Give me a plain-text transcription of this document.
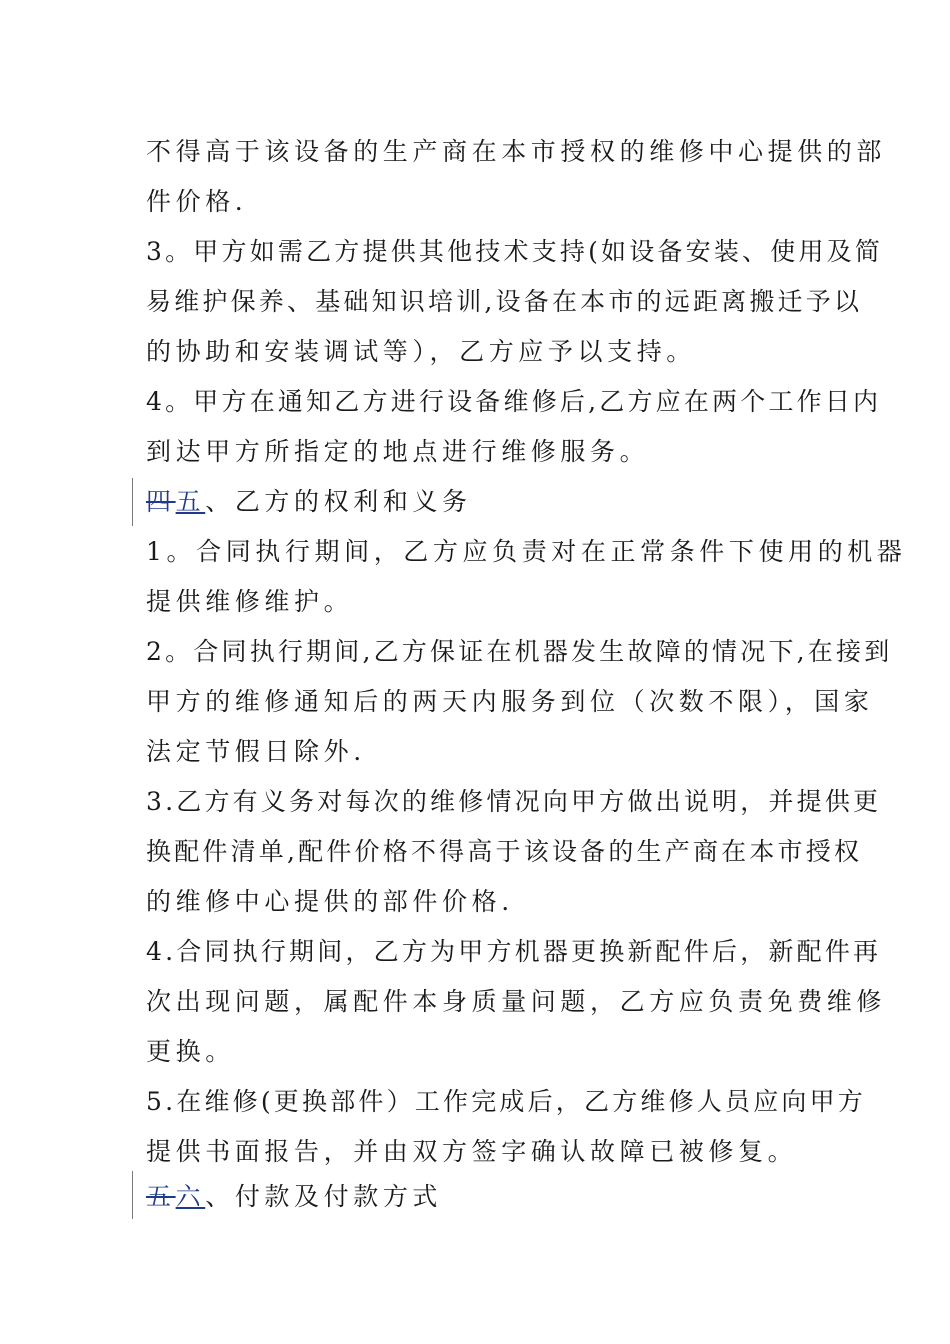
不得高于该设备的生产商在本市授权的维修中心提供的部
件价格.
3。甲方如需乙方提供其他技术支持(如设备安装、使用及简
易维护保养、基础知识培训,设备在本市的远距离搬迁予以
的协助和安装调试等），乙方应予以支持。
4。甲方在通知乙方进行设备维修后,乙方应在两个工作日内
到达甲方所指定的地点进行维修服务。
四五、乙方的权利和义务
1。合同执行期间，乙方应负责对在正常条件下使用的机器
提供维修维护。
2。合同执行期间,乙方保证在机器发生故障的情况下,在接到
甲方的维修通知后的两天内服务到位（次数不限），国家
法定节假日除外.
3.乙方有义务对每次的维修情况向甲方做出说明，并提供更
换配件清单,配件价格不得高于该设备的生产商在本市授权
的维修中心提供的部件价格.
4.合同执行期间，乙方为甲方机器更换新配件后，新配件再
次出现问题，属配件本身质量问题，乙方应负责免费维修
更换。
5.在维修(更换部件）工作完成后，乙方维修人员应向甲方
提供书面报告，并由双方签字确认故障已被修复。
五六、付款及付款方式
